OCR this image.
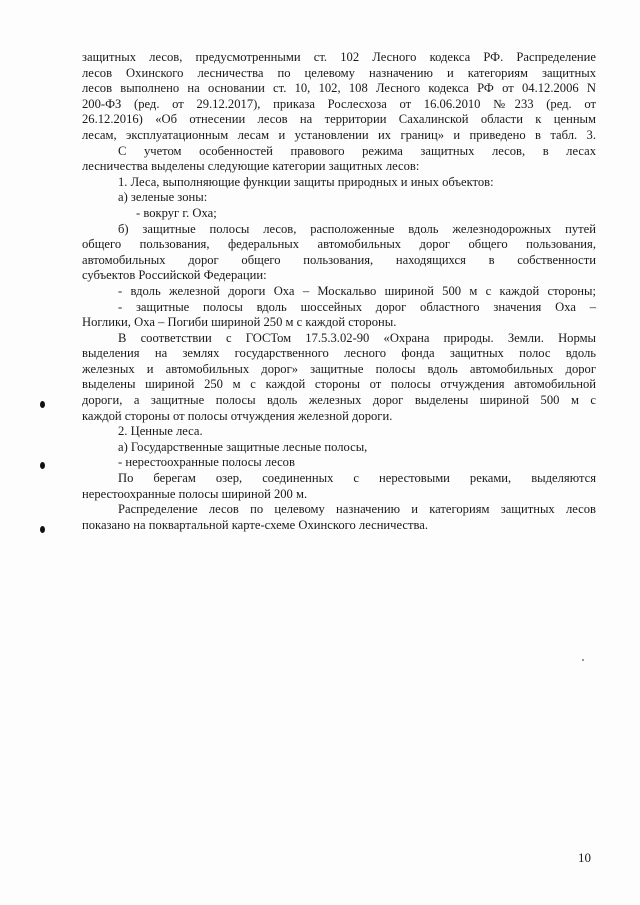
защитных лесов, предусмотренными ст. 102 Лесного кодекса РФ. Распределение

лесов Охинского лесничества по целевому назначению и категориям защитных

лесов выполнено на основании ст. 10, 102, 108 Лесного кодекса РФ от 04.12.2006 N

200-ФЗ (ред. от 29.12.2017), приказа Рослесхоза от 16.06.2010 №233 (ред. от

26.12.2016) «Об отнесении лесов на территории Сахалинской области к ценным

лесам, эксплуатационным лесам и установлении их границ» и приведено в табл. 3.

С учетом особенностей правового режима защитных лесов, в лесах

лесничества выделены следующие категории защитных лесов:

1. Леса, выполняющие функции защиты природных и иных объектов:

а) зеленые зоны:

- вокруг г. Оха;

б) защитные полосы лесов, расположенные вдоль железнодорожных путей

общего пользования, федеральных автомобильных дорог общего пользования,

автомобильных дорог общего пользования, находящихся в собственности

субъектов Российской Федерации:

- вдоль железной дороги Оха – Москальво шириной 500 м с каждой стороны;

- защитные полосы вдоль шоссейных дорог областного значения Оха –

Ноглики, Оха – Погиби шириной 250 м с каждой стороны.

В соответствии с ГОСТом 17.5.3.02-90 «Охрана природы. Земли. Нормы

выделения на землях государственного лесного фонда защитных полос вдоль

железных и автомобильных дорог» защитные полосы вдоль автомобильных дорог

выделены шириной 250 м с каждой стороны от полосы отчуждения автомобильной

дороги, а защитные полосы вдоль железных дорог выделены шириной 500 м с

каждой стороны от полосы отчуждения железной дороги.

2. Ценные леса.

а) Государственные защитные лесные полосы,

- нерестоохранные полосы лесов

По берегам озер, соединенных с нерестовыми реками, выделяются

нерестоохранные полосы шириной 200 м.

Распределение лесов по целевому назначению и категориям защитных лесов

показано на поквартальной карте-схеме Охинского лесничества.

10
